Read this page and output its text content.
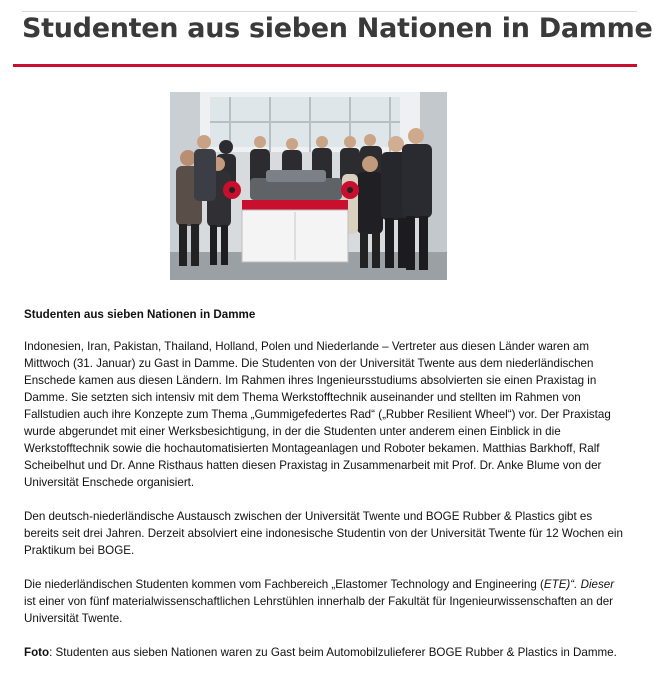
Studenten aus sieben Nationen in Damme

Studenten aus sieben Nationen in Damme

Indonesien, Iran, Pakistan, Thailand, Holland, Polen und Niederlande – Vertreter aus diesen Länder waren am Mittwoch (31. Januar) zu Gast in Damme. Die Studenten von der Universität Twente aus dem niederländischen Enschede kamen aus diesen Ländern. Im Rahmen ihres Ingenieursstudiums absolvierten sie einen Praxistag in Damme. Sie setzten sich intensiv mit dem Thema Werkstofftechnik auseinander und stellten im Rahmen von Fallstudien auch ihre Konzepte zum Thema „Gummigefedertes Rad“ („Rubber Resilient Wheel“) vor. Der Praxistag wurde abgerundet mit einer Werksbesichtigung, in der die Studenten unter anderem einen Einblick in die Werkstofftechnik sowie die hochautomatisierten Montageanlagen und Roboter bekamen. Matthias Barkhoff, Ralf Scheibelhut und Dr. Anne Risthaus hatten diesen Praxistag in Zusammenarbeit mit Prof. Dr. Anke Blume von der Universität Enschede organisiert.

Den deutsch-niederländische Austausch zwischen der Universität Twente und BOGE Rubber & Plastics gibt es bereits seit drei Jahren. Derzeit absolviert eine indonesische Studentin von der Universität Twente für 12 Wochen ein Praktikum bei BOGE.

Die niederländischen Studenten kommen vom Fachbereich „Elastomer Technology and Engineering (ETE)“. Dieser ist einer von fünf materialwissenschaftlichen Lehrstühlen innerhalb der Fakultät für Ingenieurwissenschaften an der Universität Twente.

Foto: Studenten aus sieben Nationen waren zu Gast beim Automobilzulieferer BOGE Rubber & Plastics in Damme.
